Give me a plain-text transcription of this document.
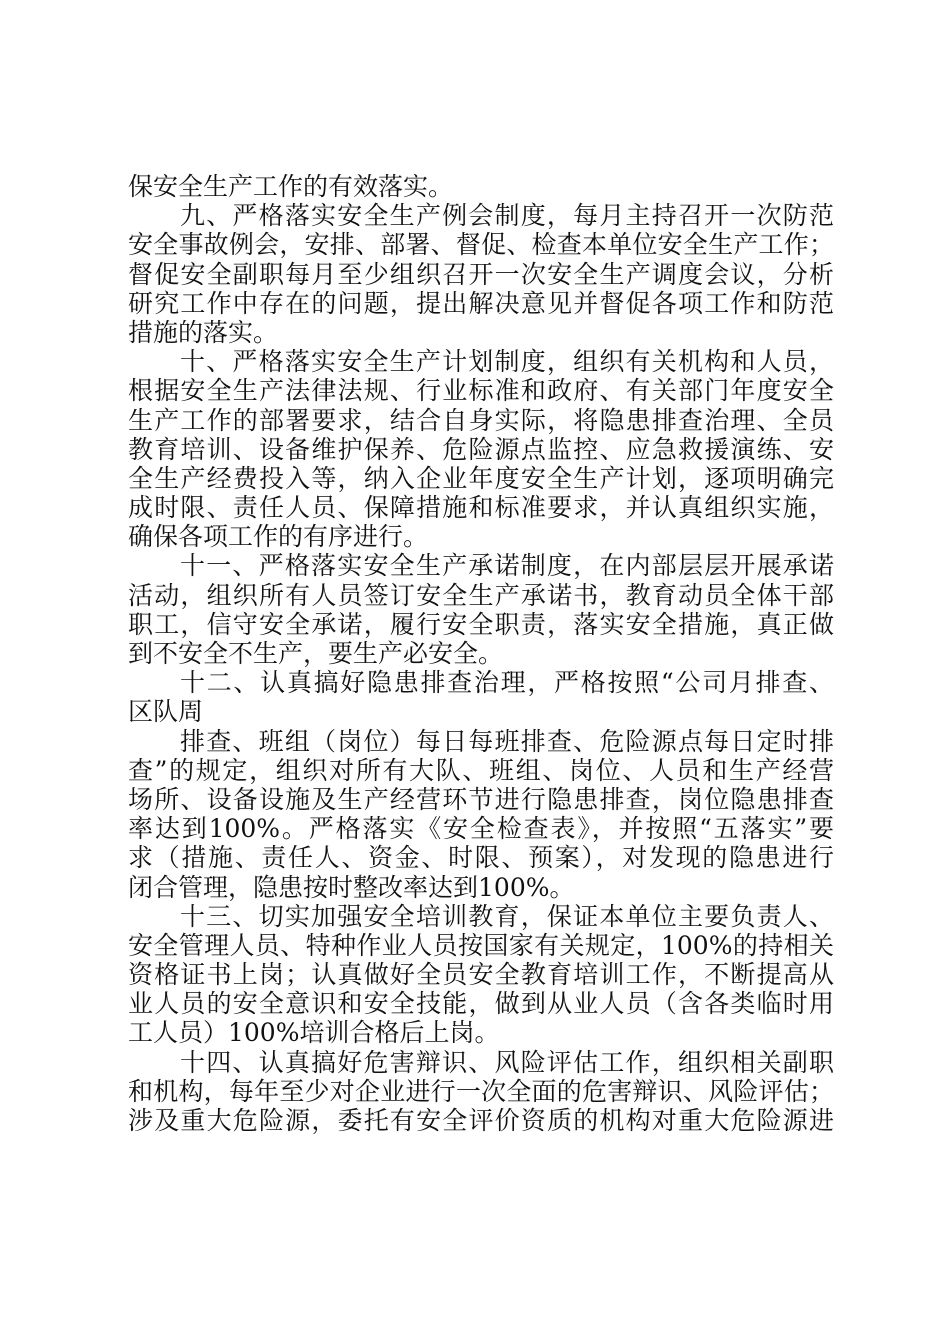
保安全生产工作的有效落实。
九、严格落实安全生产例会制度，每月主持召开一次防范
安全事故例会，安排、部署、督促、检查本单位安全生产工作；
督促安全副职每月至少组织召开一次安全生产调度会议，分析
研究工作中存在的问题，提出解决意见并督促各项工作和防范
措施的落实。
十、严格落实安全生产计划制度，组织有关机构和人员，
根据安全生产法律法规、行业标准和政府、有关部门年度安全
生产工作的部署要求，结合自身实际，将隐患排查治理、全员
教育培训、设备维护保养、危险源点监控、应急救援演练、安
全生产经费投入等，纳入企业年度安全生产计划，逐项明确完
成时限、责任人员、保障措施和标准要求，并认真组织实施，
确保各项工作的有序进行。
十一、严格落实安全生产承诺制度，在内部层层开展承诺
活动，组织所有人员签订安全生产承诺书，教育动员全体干部
职工，信守安全承诺，履行安全职责，落实安全措施，真正做
到不安全不生产，要生产必安全。
十二、认真搞好隐患排查治理，严格按照“公司月排查、
区队周
排查、班组（岗位）每日每班排查、危险源点每日定时排
查”的规定，组织对所有大队、班组、岗位、人员和生产经营
场所、设备设施及生产经营环节进行隐患排查，岗位隐患排查
率达到100%。严格落实《安全检查表》，并按照“五落实”要
求（措施、责任人、资金、时限、预案），对发现的隐患进行
闭合管理，隐患按时整改率达到100%。
十三、切实加强安全培训教育，保证本单位主要负责人、
安全管理人员、特种作业人员按国家有关规定，100%的持相关
资格证书上岗；认真做好全员安全教育培训工作，不断提高从
业人员的安全意识和安全技能，做到从业人员（含各类临时用
工人员）100%培训合格后上岗。
十四、认真搞好危害辩识、风险评估工作，组织相关副职
和机构，每年至少对企业进行一次全面的危害辩识、风险评估；
涉及重大危险源，委托有安全评价资质的机构对重大危险源进
